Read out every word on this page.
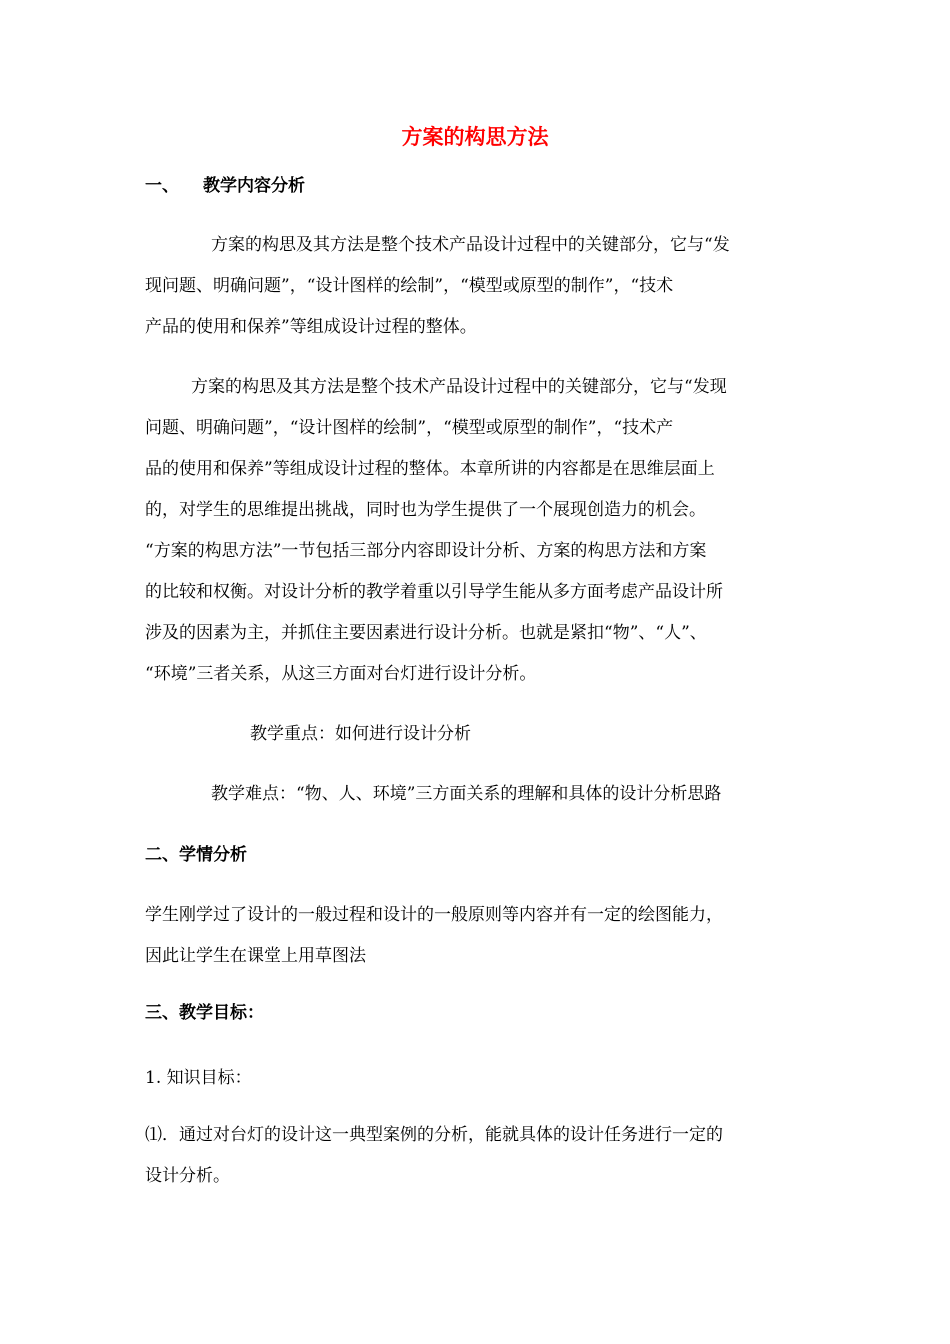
方案的构思方法
一、 教学内容分析
方案的构思及其方法是整个技术产品设计过程中的关键部分，它与“发
现问题、明确问题”，“设计图样的绘制”，“模型或原型的制作”，“技术
产品的使用和保养”等组成设计过程的整体。
方案的构思及其方法是整个技术产品设计过程中的关键部分，它与“发现
问题、明确问题”，“设计图样的绘制”，“模型或原型的制作”，“技术产
品的使用和保养”等组成设计过程的整体。本章所讲的内容都是在思维层面上
的，对学生的思维提出挑战，同时也为学生提供了一个展现创造力的机会。
“方案的构思方法”一节包括三部分内容即设计分析、方案的构思方法和方案
的比较和权衡。对设计分析的教学着重以引导学生能从多方面考虑产品设计所
涉及的因素为主，并抓住主要因素进行设计分析。也就是紧扣“物”、“人”、
“环境”三者关系，从这三方面对台灯进行设计分析。
教学重点：如何进行设计分析
教学难点：“物、人、环境”三方面关系的理解和具体的设计分析思路
二、学情分析
学生刚学过了设计的一般过程和设计的一般原则等内容并有一定的绘图能力，
因此让学生在课堂上用草图法
三、教学目标：
1. 知识目标：
⑴．通过对台灯的设计这一典型案例的分析，能就具体的设计任务进行一定的
设计分析。
